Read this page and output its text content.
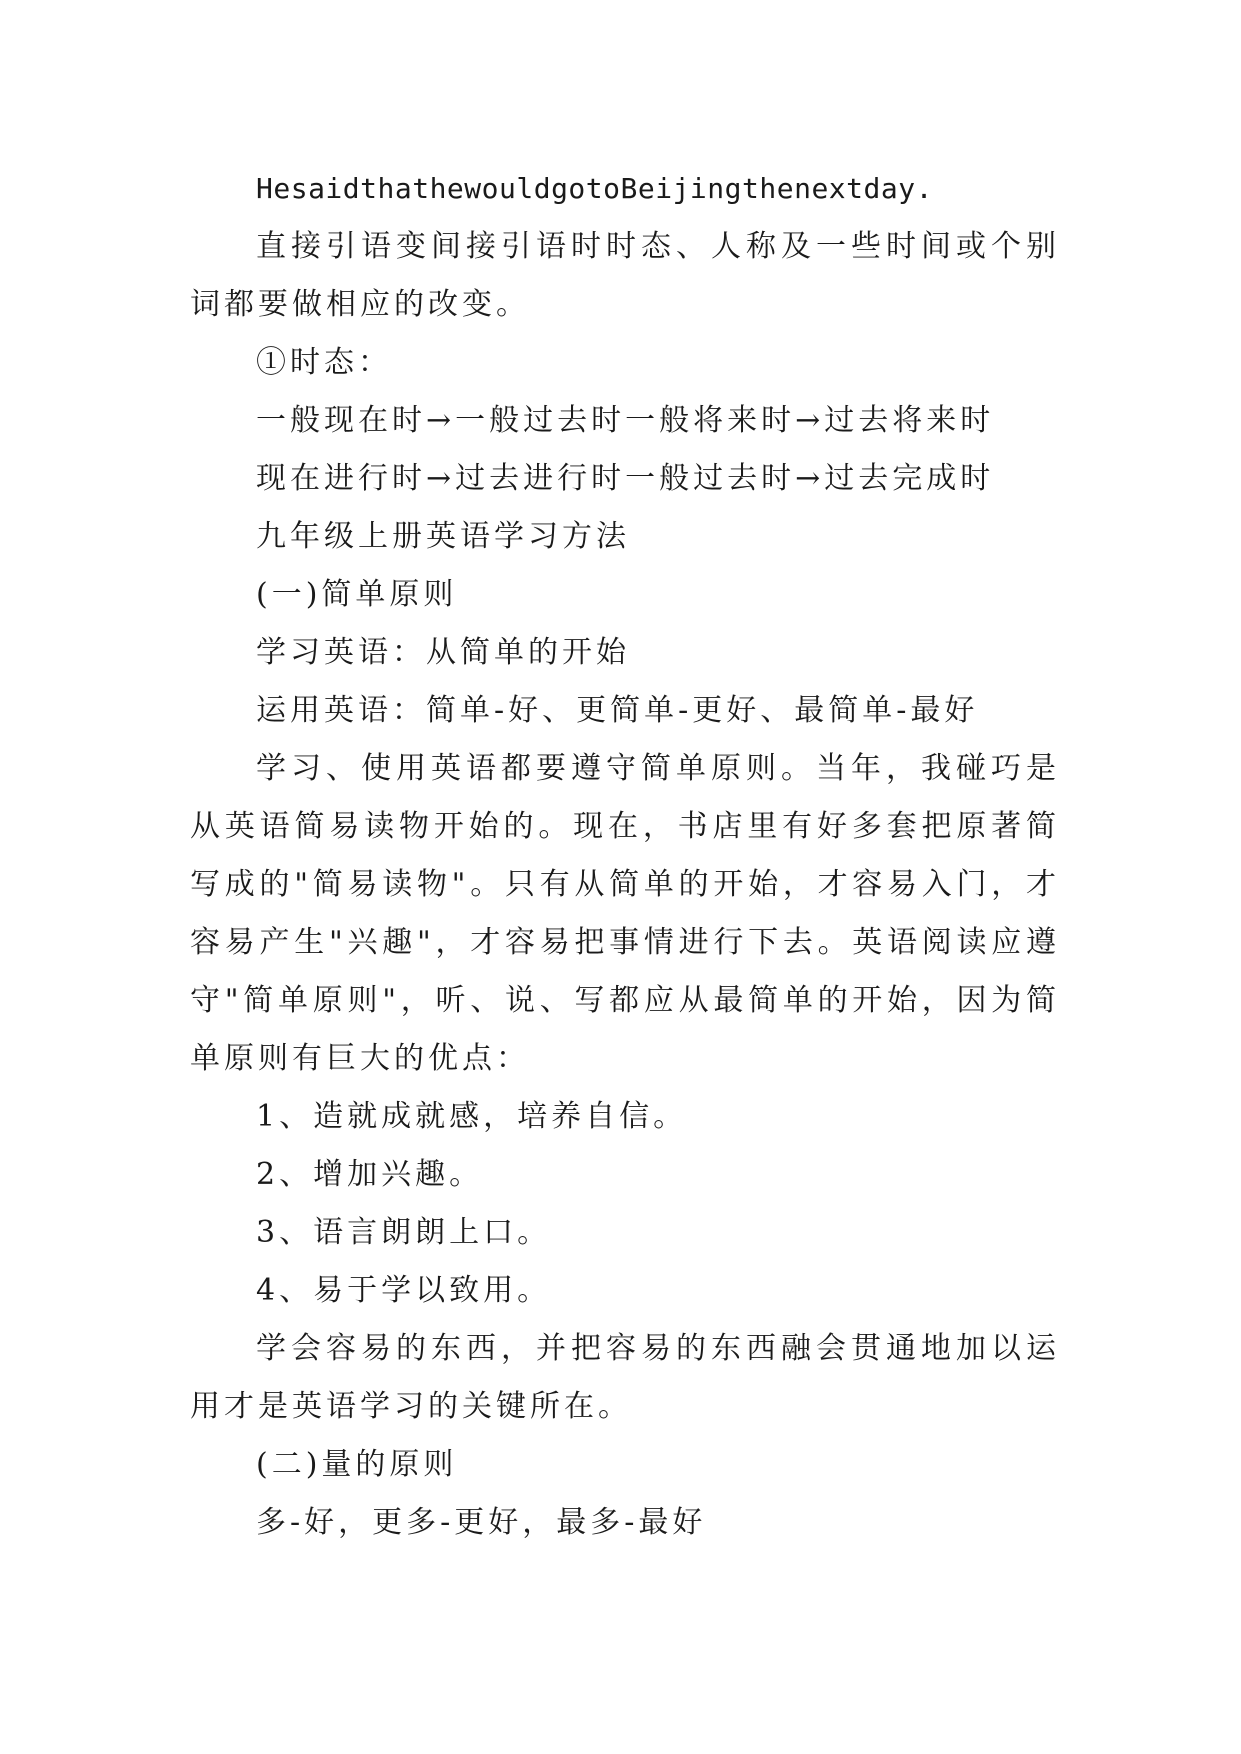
HesaidthathewouldgotoBeijingthenextday.

直接引语变间接引语时时态、人称及一些时间或个别词都要做相应的改变。

①时态：

一般现在时→一般过去时一般将来时→过去将来时

现在进行时→过去进行时一般过去时→过去完成时

九年级上册英语学习方法

(一)简单原则

学习英语：从简单的开始

运用英语：简单-好、更简单-更好、最简单-最好

学习、使用英语都要遵守简单原则。当年，我碰巧是从英语简易读物开始的。现在，书店里有好多套把原著简写成的"简易读物"。只有从简单的开始，才容易入门，才容易产生"兴趣"，才容易把事情进行下去。英语阅读应遵守"简单原则"，听、说、写都应从最简单的开始，因为简单原则有巨大的优点：

1、造就成就感，培养自信。

2、增加兴趣。

3、语言朗朗上口。

4、易于学以致用。

学会容易的东西，并把容易的东西融会贯通地加以运用才是英语学习的关键所在。

(二)量的原则

多-好，更多-更好，最多-最好
